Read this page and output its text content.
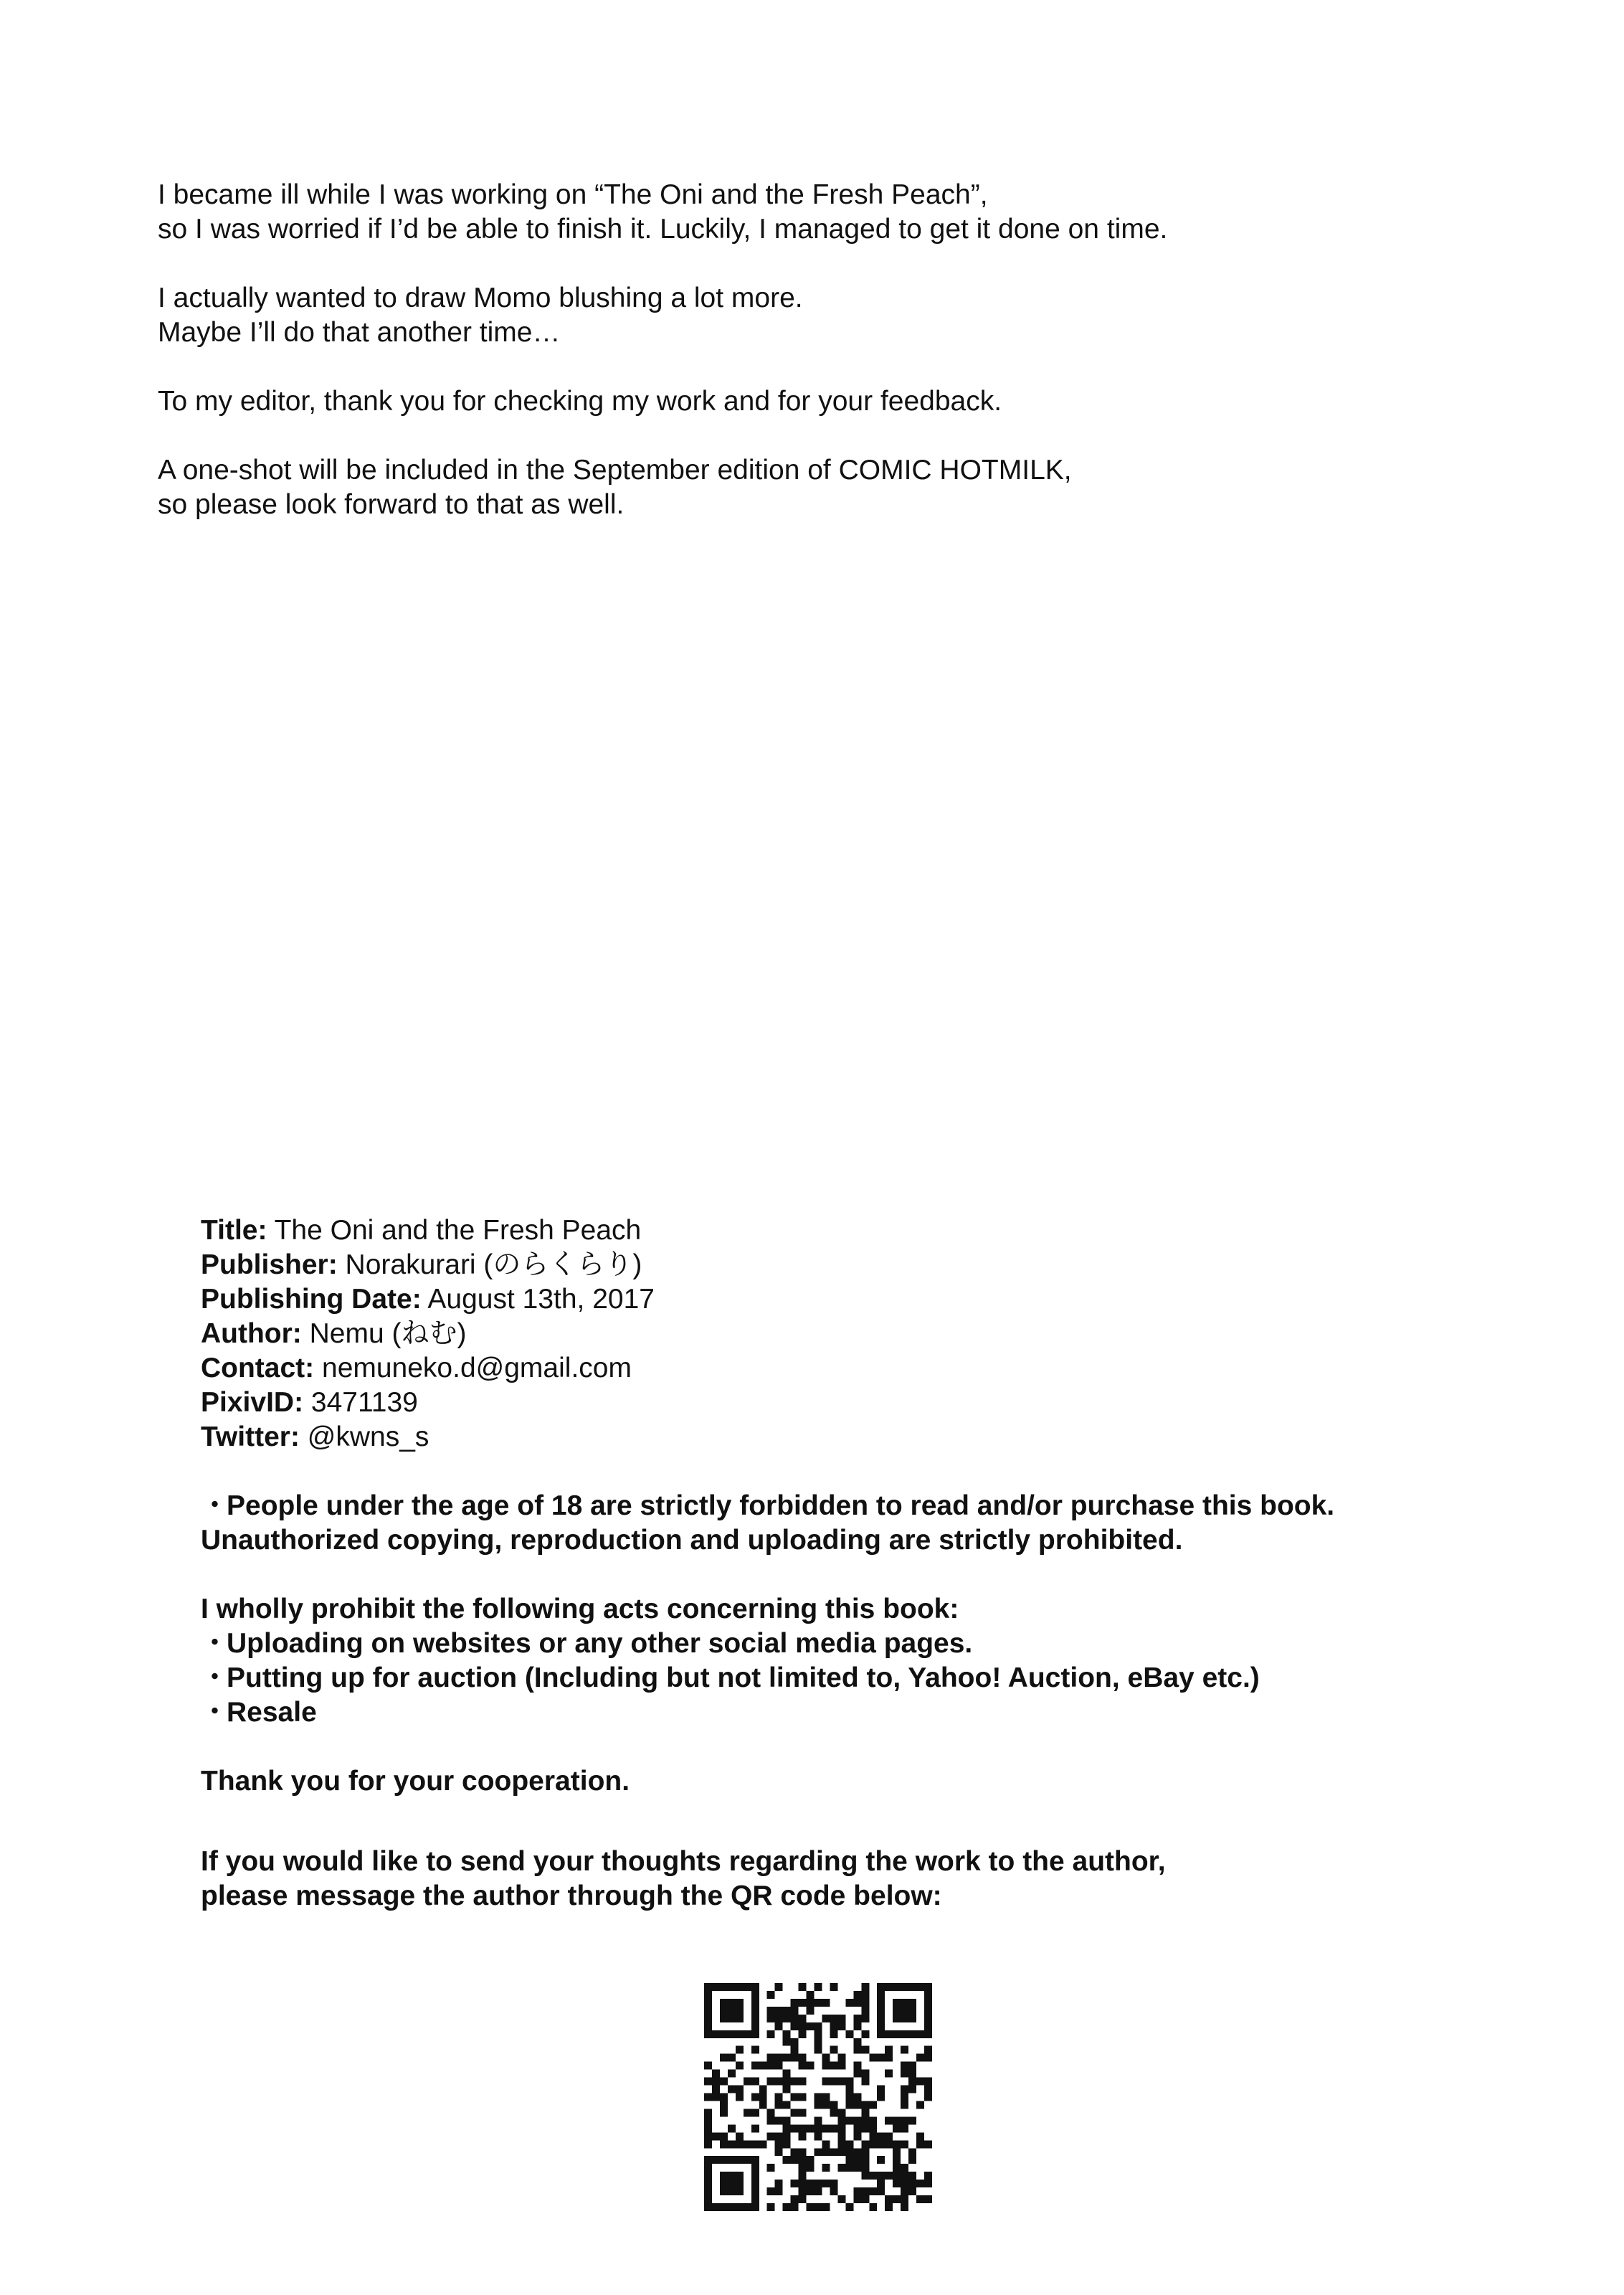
I became ill while I was working on “The Oni and the Fresh Peach”,
so I was worried if I’d be able to finish it. Luckily, I managed to get it done on time.

I actually wanted to draw Momo blushing a lot more.
Maybe I’ll do that another time…

To my editor, thank you for checking my work and for your feedback.

A one-shot will be included in the September edition of COMIC HOTMILK,
so please look forward to that as well.

Title: The Oni and the Fresh Peach
Publisher: Norakurari (のらくらり)
Publishing Date: August 13th, 2017
Author: Nemu (ねむ)
Contact: nemuneko.d@gmail.com
PixivID: 3471139
Twitter: @kwns_s
・People under the age of 18 are strictly forbidden to read and/or purchase this book.
Unauthorized copying, reproduction and uploading are strictly prohibited.
I wholly prohibit the following acts concerning this book:
・Uploading on websites or any other social media pages.
・Putting up for auction (Including but not limited to, Yahoo! Auction, eBay etc.)
・Resale
Thank you for your cooperation.
If you would like to send your thoughts regarding the work to the author,
please message the author through the QR code below:
